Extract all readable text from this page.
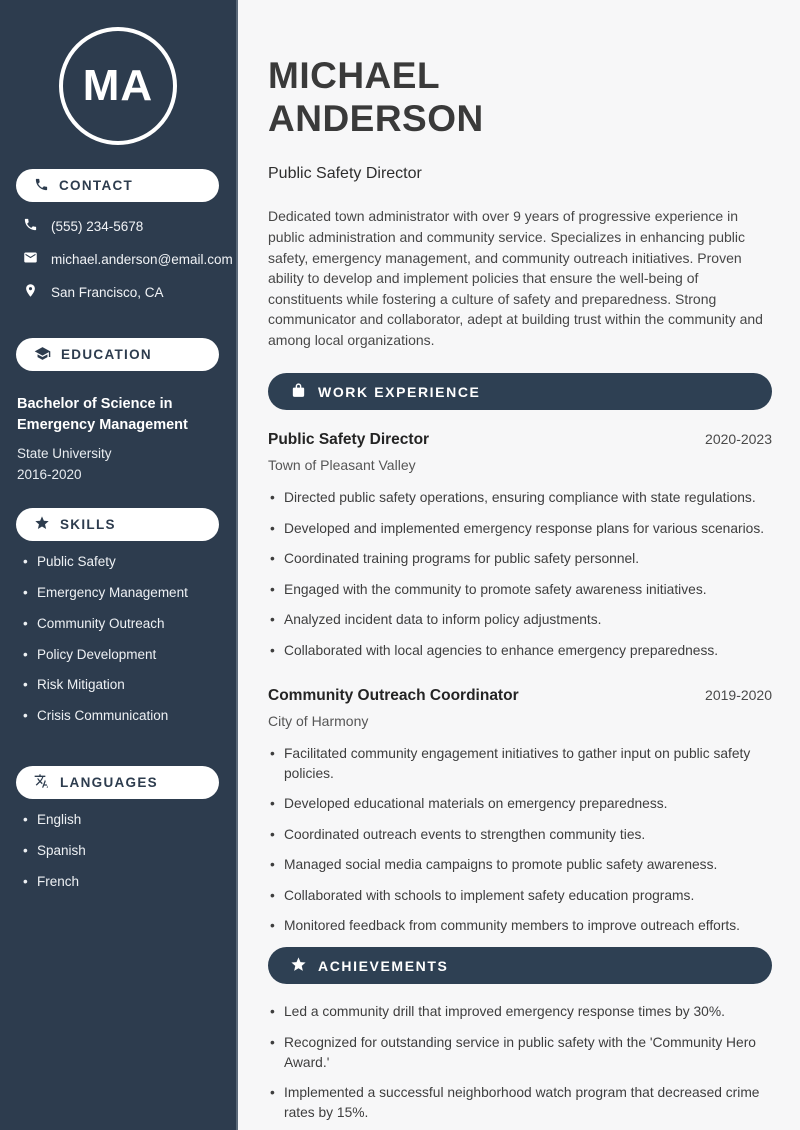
MA
CONTACT
(555) 234-5678
michael.anderson@email.com
San Francisco, CA
EDUCATION
Bachelor of Science in Emergency Management
State University
2016-2020
SKILLS
• Public Safety
• Emergency Management
• Community Outreach
• Policy Development
• Risk Mitigation
• Crisis Communication
LANGUAGES
• English
• Spanish
• French
MICHAEL
ANDERSON
Public Safety Director

Dedicated town administrator with over 9 years of progressive experience in public administration and community service. Specializes in enhancing public safety, emergency management, and community outreach initiatives. Proven ability to develop and implement policies that ensure the well-being of constituents while fostering a culture of safety and preparedness. Strong communicator and collaborator, adept at building trust within the community and among local organizations.

WORK EXPERIENCE
Public Safety Director	2020-2023
Town of Pleasant Valley
• Directed public safety operations, ensuring compliance with state regulations.
• Developed and implemented emergency response plans for various scenarios.
• Coordinated training programs for public safety personnel.
• Engaged with the community to promote safety awareness initiatives.
• Analyzed incident data to inform policy adjustments.
• Collaborated with local agencies to enhance emergency preparedness.
Community Outreach Coordinator	2019-2020
City of Harmony
• Facilitated community engagement initiatives to gather input on public safety policies.
• Developed educational materials on emergency preparedness.
• Coordinated outreach events to strengthen community ties.
• Managed social media campaigns to promote public safety awareness.
• Collaborated with schools to implement safety education programs.
• Monitored feedback from community members to improve outreach efforts.
ACHIEVEMENTS
• Led a community drill that improved emergency response times by 30%.
• Recognized for outstanding service in public safety with the 'Community Hero Award.'
• Implemented a successful neighborhood watch program that decreased crime rates by 15%.
